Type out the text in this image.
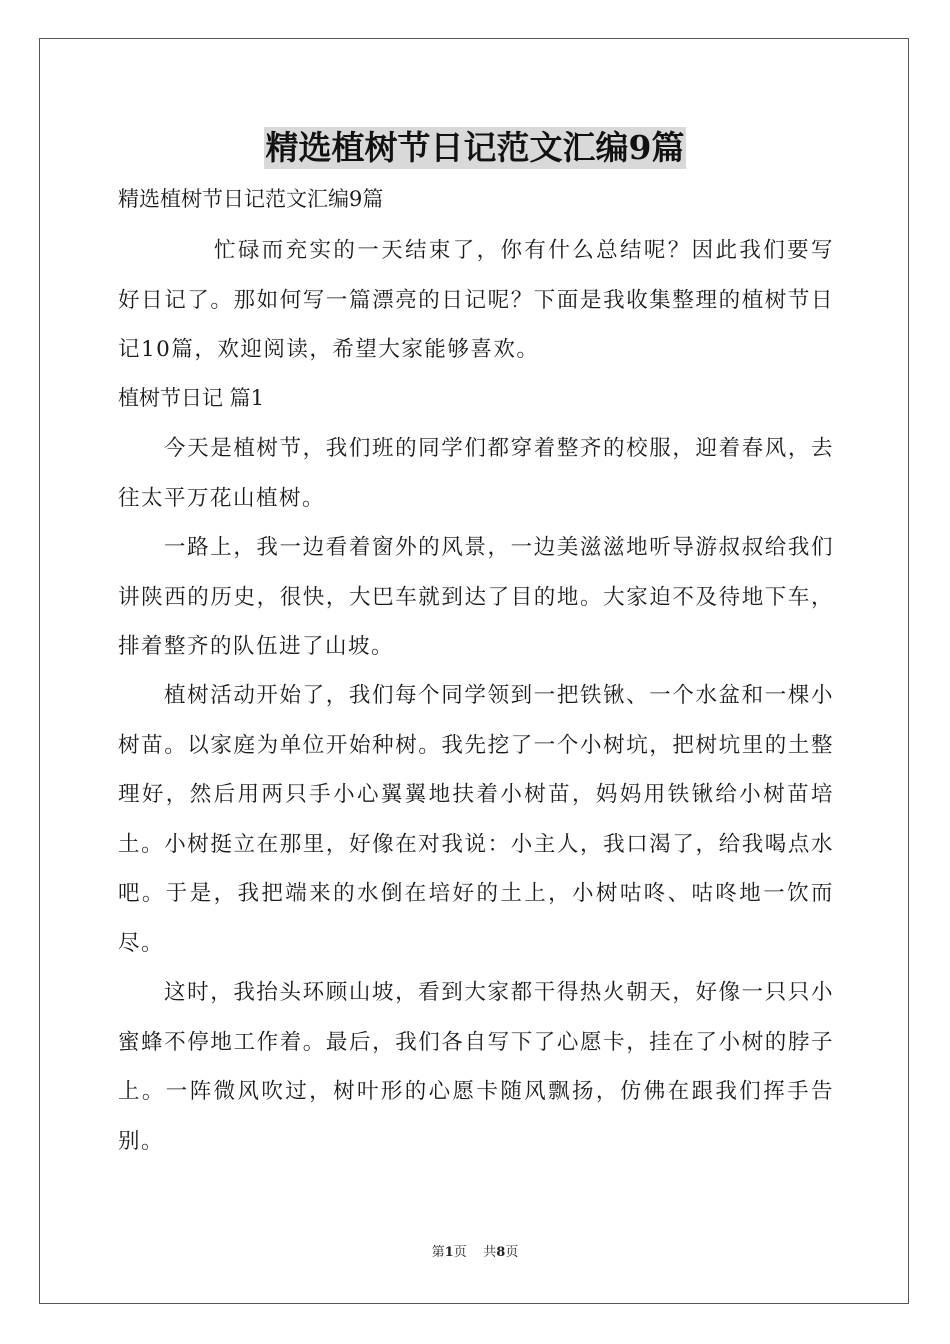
精选植树节日记范文汇编9篇
精选植树节日记范文汇编9篇

忙碌而充实的一天结束了，你有什么总结呢？因此我们要写好日记了。那如何写一篇漂亮的日记呢？下面是我收集整理的植树节日记10篇，欢迎阅读，希望大家能够喜欢。

植树节日记 篇1

今天是植树节，我们班的同学们都穿着整齐的校服，迎着春风，去往太平万花山植树。

一路上，我一边看着窗外的风景，一边美滋滋地听导游叔叔给我们讲陕西的历史，很快，大巴车就到达了目的地。大家迫不及待地下车，排着整齐的队伍进了山坡。

植树活动开始了，我们每个同学领到一把铁锹、一个水盆和一棵小树苗。以家庭为单位开始种树。我先挖了一个小树坑，把树坑里的土整理好，然后用两只手小心翼翼地扶着小树苗，妈妈用铁锹给小树苗培土。小树挺立在那里，好像在对我说：小主人，我口渴了，给我喝点水吧。于是，我把端来的水倒在培好的土上，小树咕咚、咕咚地一饮而尽。

这时，我抬头环顾山坡，看到大家都干得热火朝天，好像一只只小蜜蜂不停地工作着。最后，我们各自写下了心愿卡，挂在了小树的脖子上。一阵微风吹过，树叶形的心愿卡随风飘扬，仿佛在跟我们挥手告别。

第1页 共8页
